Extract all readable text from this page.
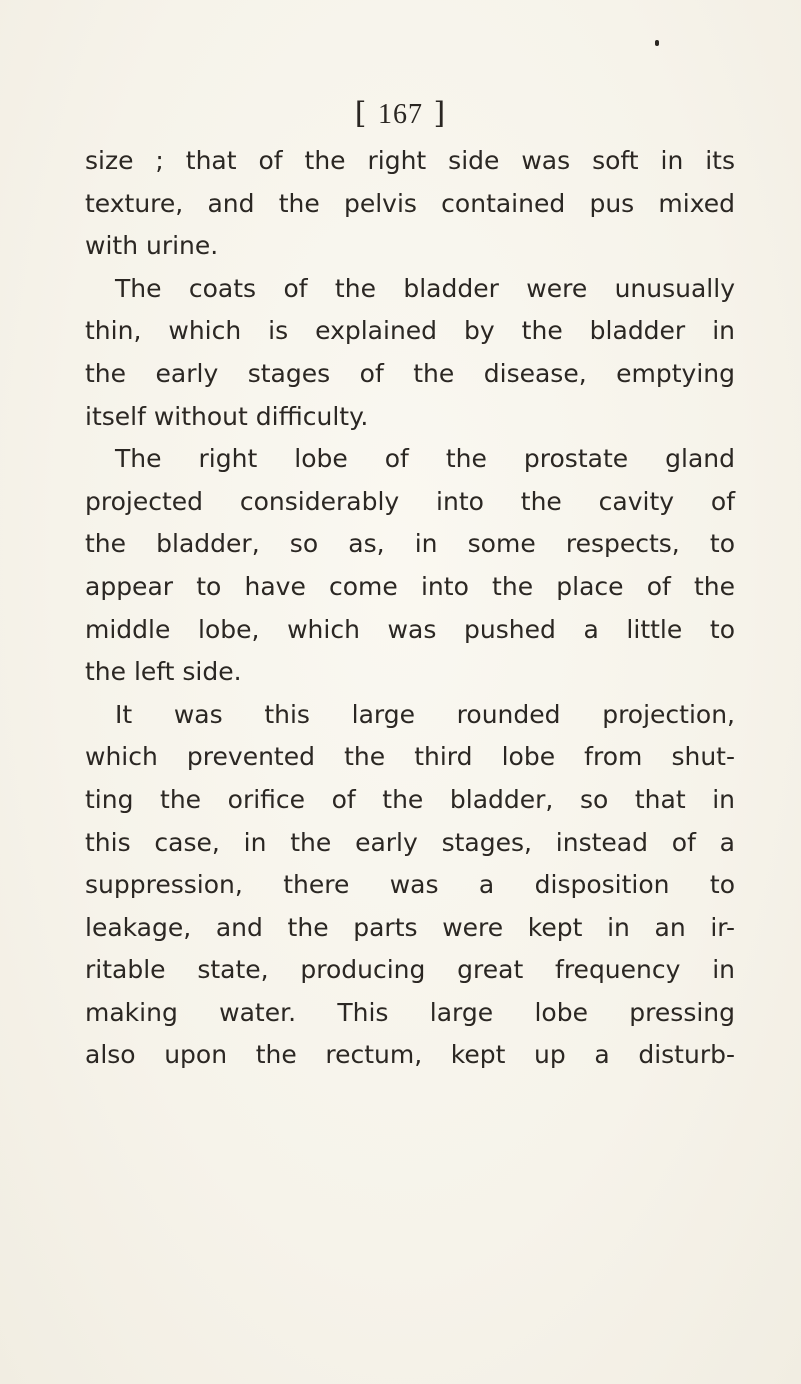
[ 167 ]
size ; that of the right side was soft in its
texture, and the pelvis contained pus mixed
with urine.
The coats of the bladder were unusually
thin, which is explained by the bladder in
the early stages of the disease, emptying
itself without difficulty.
The right lobe of the prostate gland
projected considerably into the cavity of
the bladder, so as, in some respects, to
appear to have come into the place of the
middle lobe, which was pushed a little to
the left side.
It was this large rounded projection,
which prevented the third lobe from shut-
ting the orifice of the bladder, so that in
this case, in the early stages, instead of a
suppression, there was a disposition to
leakage, and the parts were kept in an ir-
ritable state, producing great frequency in
making water. This large lobe pressing
also upon the rectum, kept up a disturb-
